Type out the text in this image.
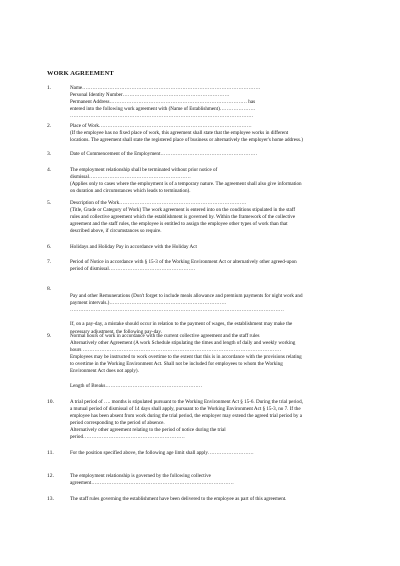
WORK AGREEMENT
1.	Name……………………………………………………………………………………………
Personal Identity Number………………………………………………………
Permanent Address……………………………………………………………………… has
entered into the following work agreement with (Name of Establishment)…………………
………………………………………………………………………………………………
2.	Place of Work………………………………………………………………………………
(If the employee has no fixed place of work, this agreement shall state that the employee works in different
locations. The agreement shall state the registered place of business or alternatively the employer's home address.)
3.	Date of Commencement of the Employment…………………………………………………
4.	The employment relationship shall be terminated without prior notice of
dismissal……………………………………………………
(Applies only to cases where the employment is of a temporary nature. The agreement shall also give information
on duration and circumstances which leads to termination).
5.	Description of the Work…………………………………………………………………
(Title, Grade or Category of Work) The work agreement is entered into on the conditions stipulated in the staff
rules and collective agreement which the establishment is governed by. Within the framework of the collective
agreement and the staff rules, the employee is entitled to assign the employee other types of work than that
described above, if circumstances so require.
6.	Holidays and Holiday Pay in accordance with the Holiday Act
7.	Period of Notice in accordance with § 15-3 of the Working Environment Act or alternatively other agreed-upon
period of dismissal……………………………………………
8.
Pay and other Remunerations (Don't forget to include meals allowance and premium payments for night work and
payment intervals.)……………………………………………………………
………………………………………………………………………………………………………………
If, on a pay-day, a mistake should occur in relation to the payment of wages, the establishment may make the
necessary adjustment, the following pay-day.
9.	Normal hours of work in accordance with the current collective agreement and the staff rules
Alternatively other Agreement (A work Schedule stipulating the times and length of daily and weekly working
hours ………………………………………………………………………………………………………
Employees may be instructed to work overtime to the extent that this is in accordance with the provisions relating
to overtime in the Working Environment Act. Shall not be included for employees to whom the Working
Environment Act does not apply).
Length of Breaks…………………………………………………
10.	A trial period of …. months is stipulated pursuant to the Working Environment Act § 15-6. During the trial period,
a mutual period of dismissal of 14 days shall apply, pursuant to the Working Environment Act § 15-3, no 7. If the
employee has been absent from work during the trial period, the employer may extend the agreed trial period by a
period corresponding to the period of absence.
Alternatively other agreement relating to the period of notice during the trial
period……………………………………………………
11.	For the position specified above, the following age limit shall apply………………………
12.	The employment relationship is governed by the following collective
agreement…………………………………………………………………………
13.	The staff rules governing the establishment have been delivered to the employee as part of this agreement.
